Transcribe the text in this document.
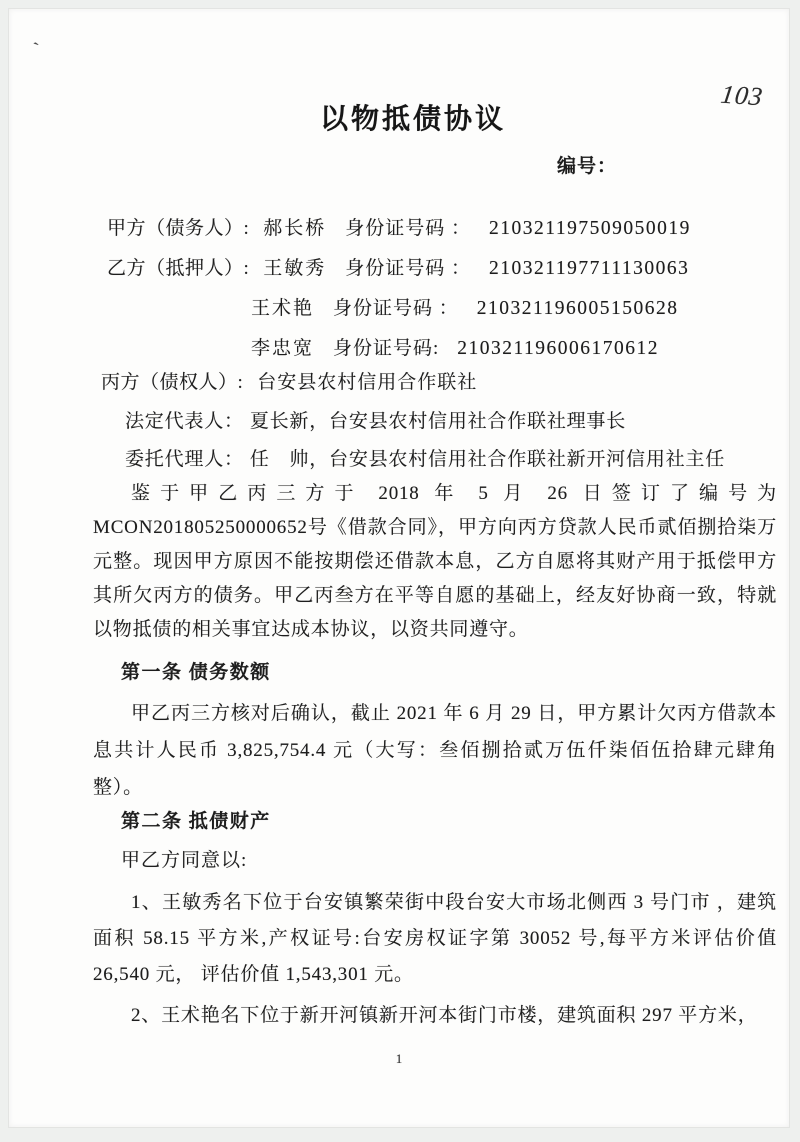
`
103
以物抵债协议
编号：
甲方（债务人）: 郝长桥 身份证号码 ： 210321197509050019
乙方（抵押人）: 王敏秀 身份证号码 ： 210321197711130063
王术艳 身份证号码 ： 210321196005150628
李忠宽 身份证号码: 210321196006170612
丙方（债权人）: 台安县农村信用合作联社
法定代表人： 夏长新，台安县农村信用社合作联社理事长
委托代理人： 任　帅，台安县农村信用社合作联社新开河信用社主任

鉴于甲乙丙三方于 2018 年 5 月 26 日签订了编号为 MCON201805250000652号《借款合同》，甲方向丙方贷款人民币贰佰捌拾柒万元整。现因甲方原因不能按期偿还借款本息，乙方自愿将其财产用于抵偿甲方其所欠丙方的债务。甲乙丙叁方在平等自愿的基础上，经友好协商一致，特就以物抵债的相关事宜达成本协议，以资共同遵守。

第一条 债务数额

甲乙丙三方核对后确认，截止 2021 年 6 月 29 日，甲方累计欠丙方借款本息共计人民币 3,825,754.4 元（大写：叁佰捌拾贰万伍仟柒佰伍拾肆元肆角整）。

第二条 抵债财产
甲乙方同意以:

1、王敏秀名下位于台安镇繁荣街中段台安大市场北侧西 3 号门市 ，建筑面积 58.15 平方米,产权证号:台安房权证字第 30052 号,每平方米评估价值 26,540 元， 评估价值 1,543,301 元。

2、王术艳名下位于新开河镇新开河本街门市楼，建筑面积 297 平方米，

1
